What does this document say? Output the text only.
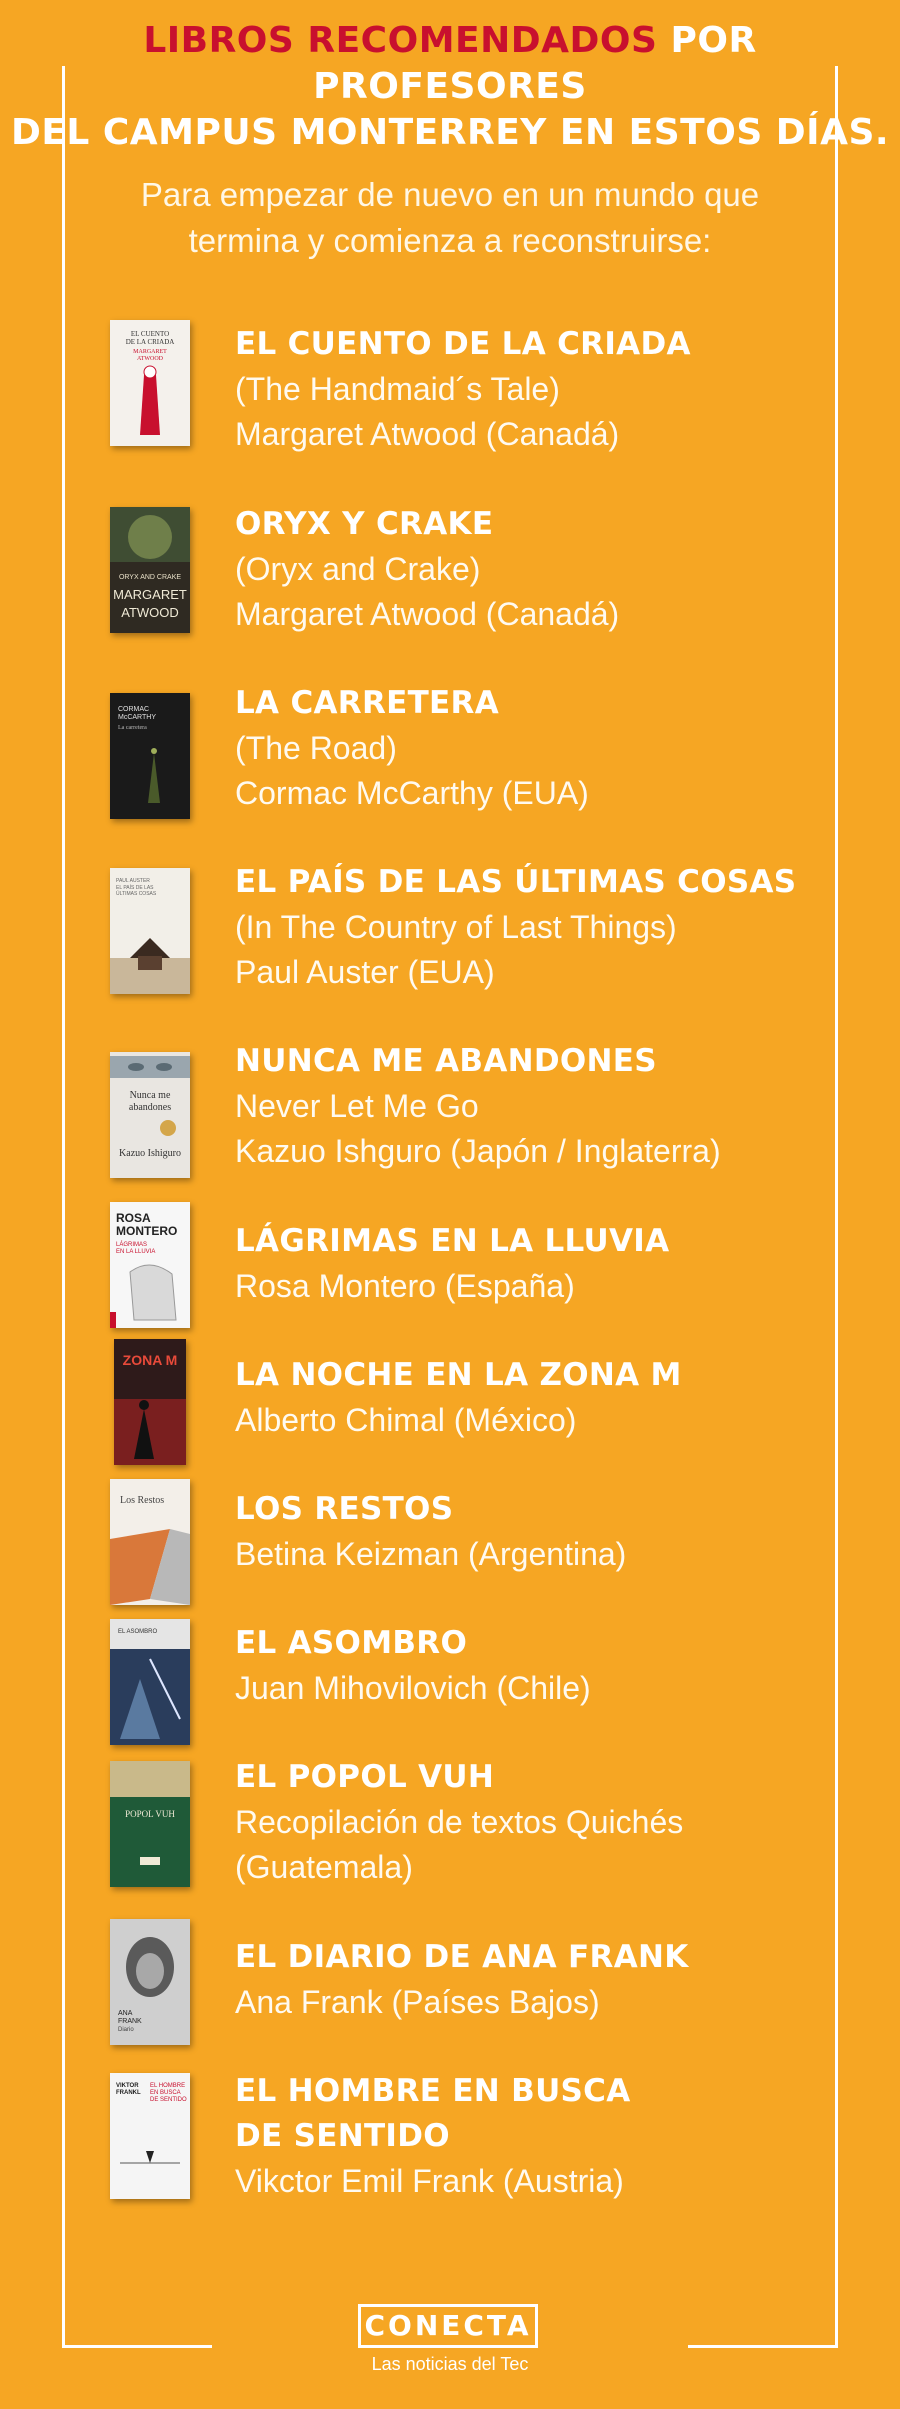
LIBROS RECOMENDADOS POR PROFESORES
DEL CAMPUS MONTERREY EN ESTOS DÍAS.
Para empezar de nuevo en un mundo que
termina y comienza a reconstruirse:
EL CUENTO
DE LA CRIADA
MARGARET
ATWOOD EL CUENTO DE LA CRIADA
(The Handmaid´s Tale)
Margaret Atwood (Canadá)
ORYX AND CRAKE
MARGARET
ATWOOD
ORYX Y CRAKE
(Oryx and Crake)
Margaret Atwood (Canadá)
CORMAC
McCARTHY
La carretera
LA CARRETERA
(The Road)
Cormac McCarthy (EUA)
PAUL AUSTER
EL PAÍS DE LAS
ÚLTIMAS COSAS	EL PAÍS DE LAS ÚLTIMAS COSAS
(In The Country of Last Things)
Paul Auster (EUA)
Nunca me
abandones
Kazuo Ishiguro
NUNCA ME ABANDONES
Never Let Me Go
Kazuo Ishguro (Japón / Inglaterra)
ROSA
MONTERO
LÁGRIMAS
EN LA LLUVIA	LÁGRIMAS EN LA LLUVIA
Rosa Montero (España)
ZONA M LA NOCHE EN LA ZONA M
Alberto Chimal (México)
Los Restos LOS RESTOS
Betina Keizman (Argentina)
EL ASOMBRO	EL ASOMBRO
Juan Mihovilovich (Chile)
POPOL VUH
EL POPOL VUH
Recopilación de textos Quichés
(Guatemala)
ANA
FRANK
Diario
EL DIARIO DE ANA FRANK
Ana Frank (Países Bajos)
VIKTOR
FRANKL
EL HOMBRE
EN BUSCA
DE SENTIDO EL HOMBRE EN BUSCA
DE SENTIDO
Vikctor Emil Frank (Austria)
CONECTA
Las noticias del Tec
